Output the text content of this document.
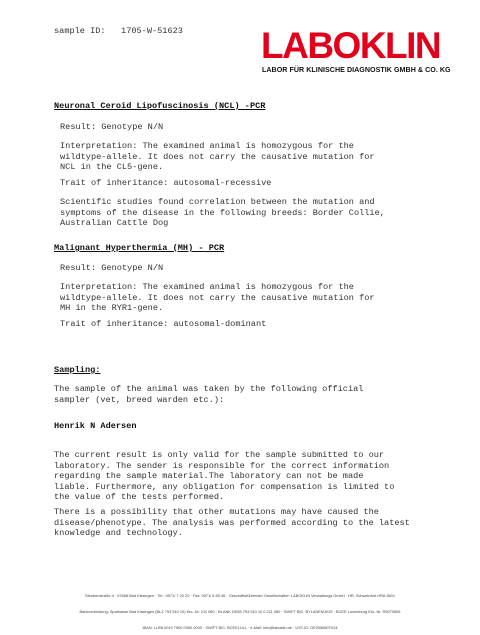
sample ID:   1705-W-51623 LABOKLIN
LABOR FÜR KLINISCHE DIAGNOSTIK GMBH & CO. KG
Neuronal Ceroid Lipofuscinosis (NCL) -PCR
Result: Genotype N/N
Interpretation: The examined animal is homozygous for the
wildtype-allele. It does not carry the causative mutation for
NCL in the CL5-gene.
Trait of inheritance: autosomal-recessive
Scientific studies found correlation between the mutation and
symptoms of the disease in the following breeds: Border Collie,
Australian Cattle Dog
Malignant Hyperthermia (MH) - PCR
Result: Genotype N/N
Interpretation: The examined animal is homozygous for the
wildtype-allele. It does not carry the causative mutation for
MH in the RYR1-gene.
Trait of inheritance: autosomal-dominant
Sampling:
The sample of the animal was taken by the following official
sampler (vet, breed warden etc.):
Henrik N Adersen
The current result is only valid for the sample submitted to our
laboratory. The sender is responsible for the correct information
regarding the sample material.The laboratory can not be made
liable. Furthermore, any obligation for compensation is limited to
the value of the tests performed.
There is a possibility that other mutations may have caused the
disease/phenotype. The analysis was performed according to the latest
knowledge and technology.

Steubenstraße 4 · 97688 Bad Kissingen · Tel.: 0971/ 7 20 20 · Fax: 0971/ 6 85 46 · Geschäftsführender Gesellschafter: LABOKLIN Verwaltungs GmbH · HR: Schweinfurt HRA 3601

Bankverbindung: Sparkasse Bad Kissingen (BLZ 793 510 10) Kto.-Nr. 211 080 · BLANK DE83 793 510 10 0 211 080 · SWIFT BIC: BYLADEM1KIS · BCEE Luxemburg Kto.-Nr. R5070805

IBAN: LU56 0019 7500 0050 0000 · SWIFT BIC: BCEELULL · e-Mail: info@laboklin.de · UST-ID: DE205680T024
